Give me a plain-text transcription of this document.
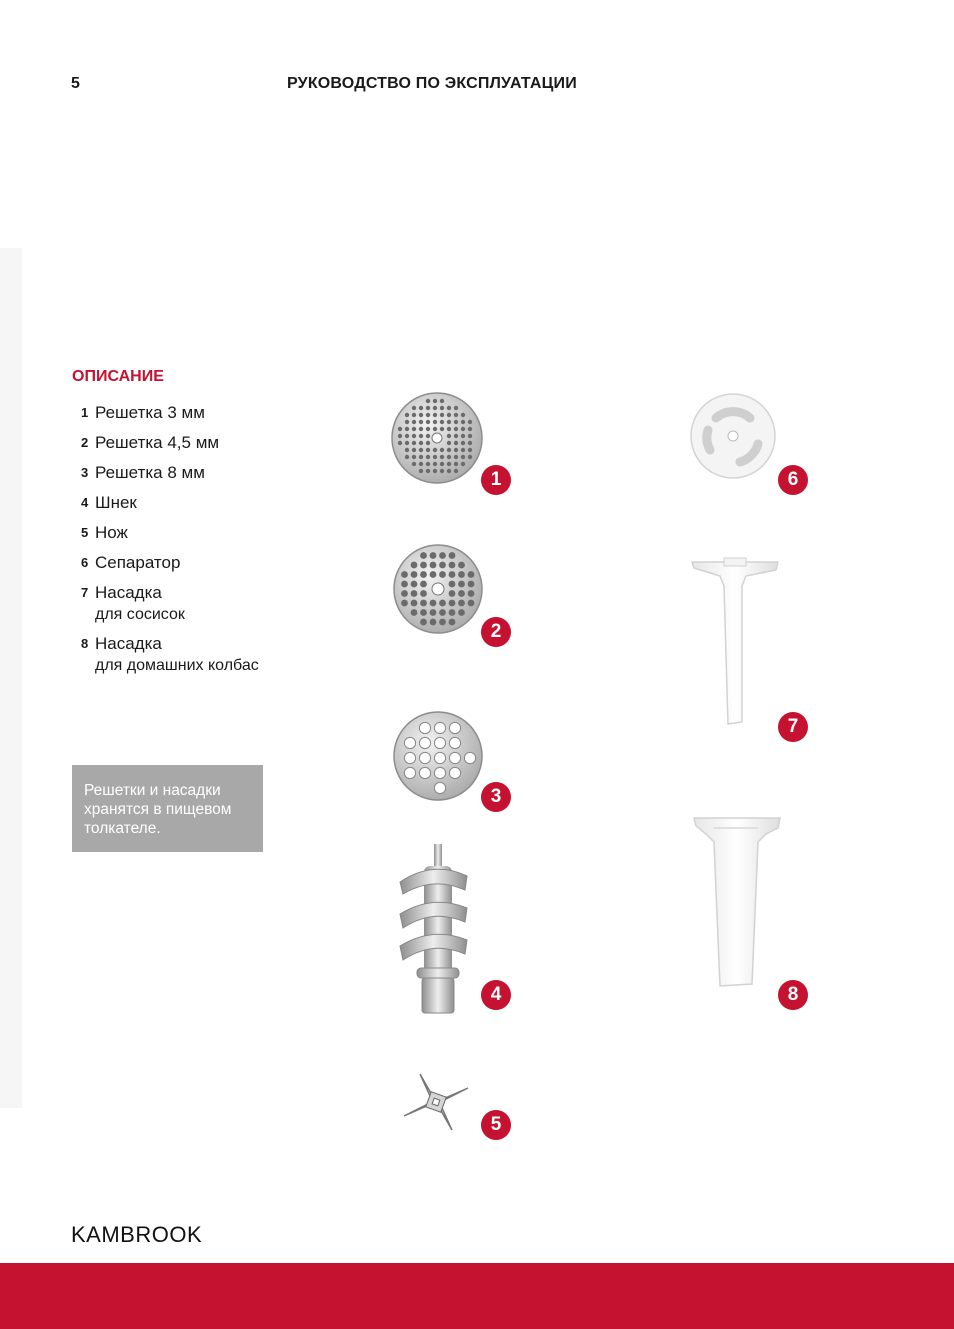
5	РУКОВОДСТВО ПО ЭКСПЛУАТАЦИИ
ОПИСАНИЕ
1 Решетка 3 мм
2 Решетка 4,5 мм
3 Решетка 8 мм
4 Шнек
5 Нож
6 Сепаратор
7 Насадка
для сосисок
8 Насадка
для домашних колбас
Решетки и насадки хранятся в пищевом толкателе.
1
2
3
4
5
6
7
8
KAMBROOK
